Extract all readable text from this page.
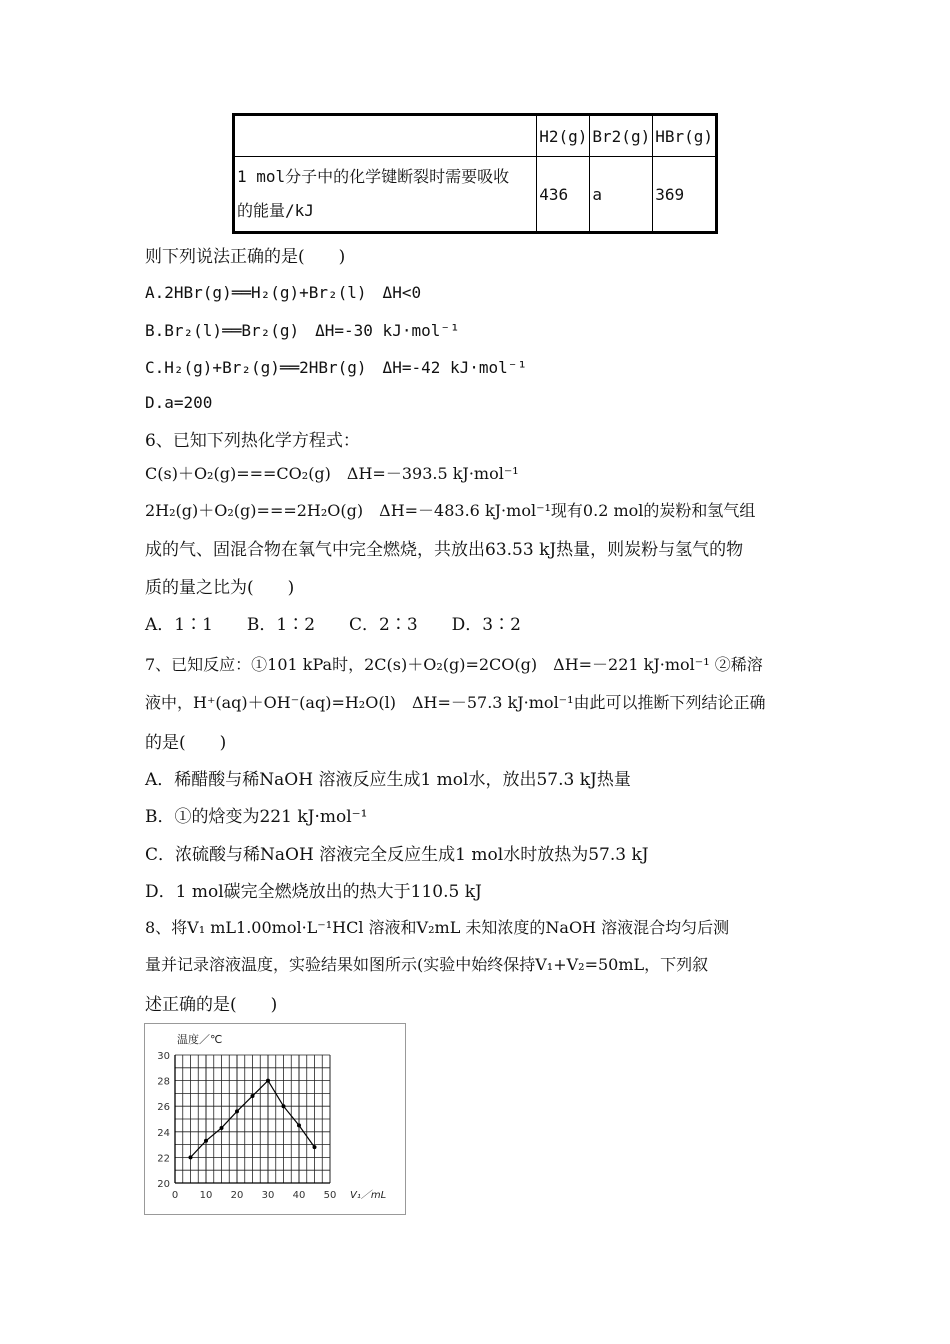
	H2(g)	Br2(g)	HBr(g)

1 mol分子中的化学键断裂时需要吸收
的能量/kJ	436	a	369
则下列说法正确的是(　　)
A.2HBr(g)══H₂(g)+Br₂(l)　ΔH<0
B.Br₂(l)══Br₂(g)　ΔH=-30 kJ·mol⁻¹
C.H₂(g)+Br₂(g)══2HBr(g)　ΔH=-42 kJ·mol⁻¹
D.a=200
6、已知下列热化学方程式：
C(s)＋O₂(g)===CO₂(g)　ΔH=－393.5 kJ·mol⁻¹
2H₂(g)＋O₂(g)===2H₂O(g)　ΔH=－483.6 kJ·mol⁻¹现有0.2 mol的炭粉和氢气组
成的气、固混合物在氧气中完全燃烧，共放出63.53 kJ热量，则炭粉与氢气的物
质的量之比为(　　)
A．1∶1　　B．1∶2　　C．2∶3　　D．3∶2
7、已知反应：①101 kPa时，2C(s)＋O₂(g)=2CO(g)　ΔH=－221 kJ·mol⁻¹ ②稀溶
液中，H⁺(aq)＋OH⁻(aq)=H₂O(l)　ΔH=－57.3 kJ·mol⁻¹由此可以推断下列结论正确
的是(　　)
A．稀醋酸与稀NaOH 溶液反应生成1 mol水，放出57.3 kJ热量
B．①的焓变为221 kJ·mol⁻¹
C．浓硫酸与稀NaOH 溶液完全反应生成1 mol水时放热为57.3 kJ
D．1 mol碳完全燃烧放出的热大于110.5 kJ
8、将V₁ mL1.00mol·L⁻¹HCl 溶液和V₂mL 未知浓度的NaOH 溶液混合均匀后测
量并记录溶液温度，实验结果如图所示(实验中始终保持V₁+V₂=50mL，下列叙
述正确的是(　　)
0 10 20 30 40 50
20
22
24
26
28
30
温度／℃
V₁／mL
